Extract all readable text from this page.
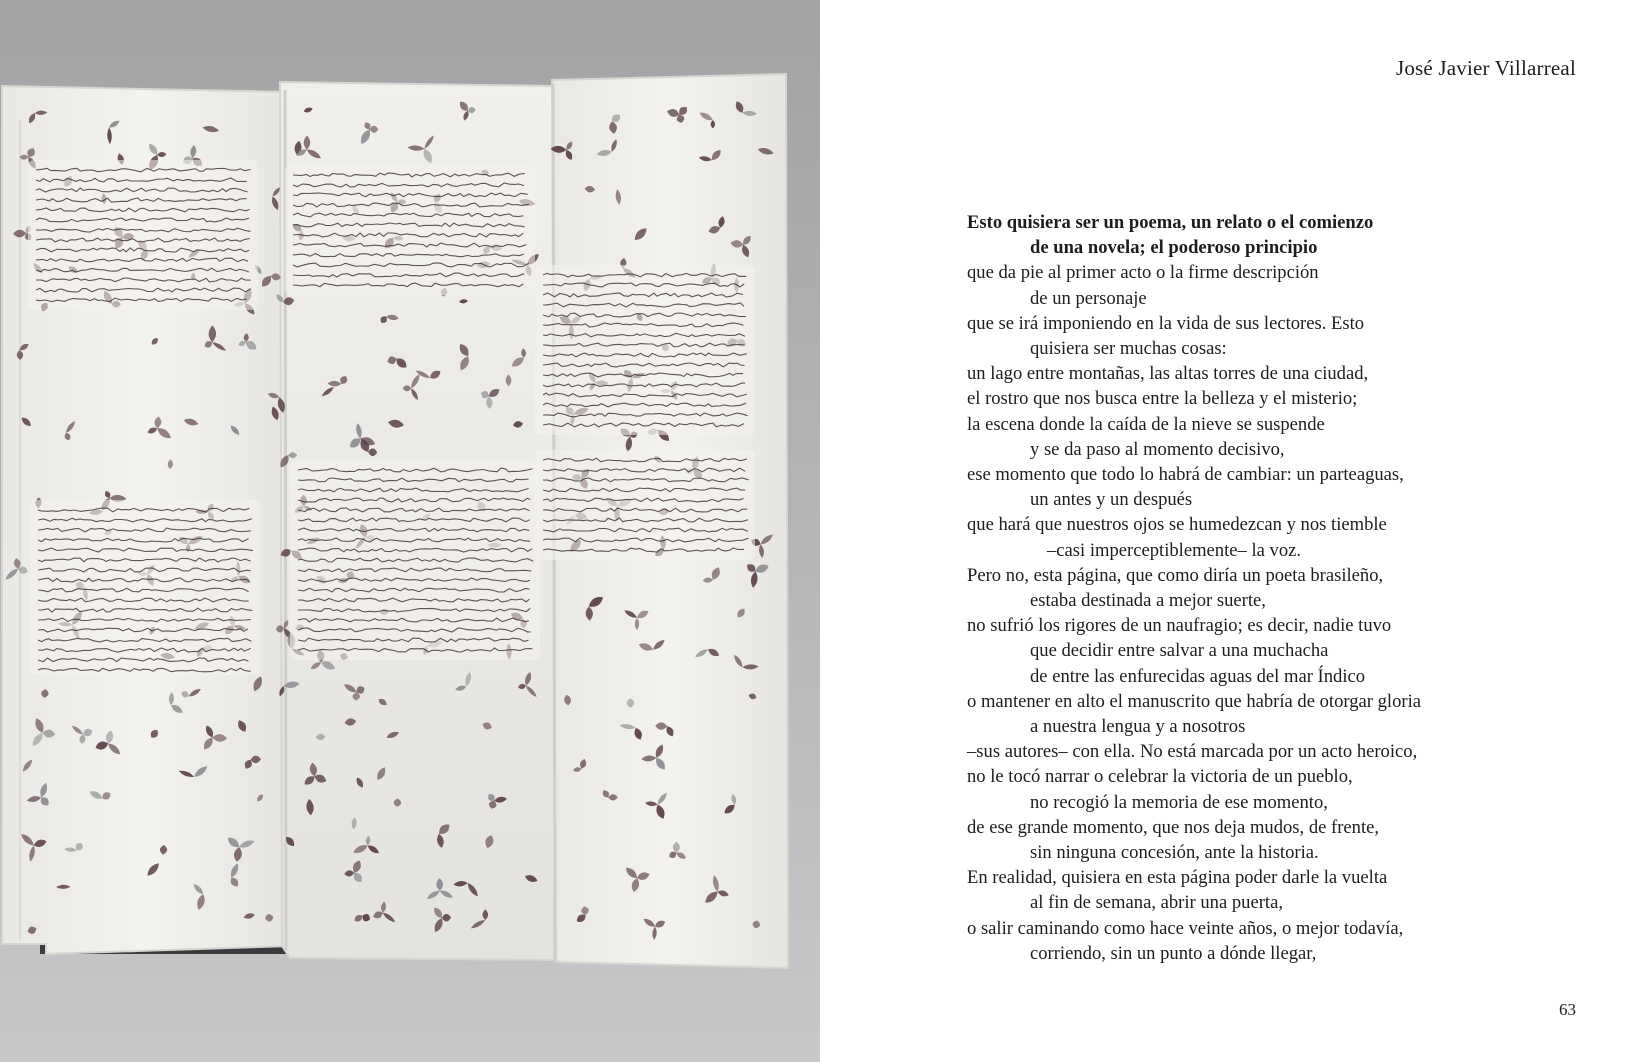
José Javier Villarreal
Esto quisiera ser un poema, un relato o el comienzo
de una novela; el poderoso principio
que da pie al primer acto o la firme descripción
de un personaje
que se irá imponiendo en la vida de sus lectores. Esto
quisiera ser muchas cosas:
un lago entre montañas, las altas torres de una ciudad,
el rostro que nos busca entre la belleza y el misterio;
la escena donde la caída de la nieve se suspende
y se da paso al momento decisivo,
ese momento que todo lo habrá de cambiar: un parteaguas,
un antes y un después
que hará que nuestros ojos se humedezcan y nos tiemble
–casi imperceptiblemente– la voz.
Pero no, esta página, que como diría un poeta brasileño,
estaba destinada a mejor suerte,
no sufrió los rigores de un naufragio; es decir, nadie tuvo
que decidir entre salvar a una muchacha
de entre las enfurecidas aguas del mar Índico
o mantener en alto el manuscrito que habría de otorgar gloria
a nuestra lengua y a nosotros
–sus autores– con ella. No está marcada por un acto heroico,
no le tocó narrar o celebrar la victoria de un pueblo,
no recogió la memoria de ese momento,
de ese grande momento, que nos deja mudos, de frente,
sin ninguna concesión, ante la historia.
En realidad, quisiera en esta página poder darle la vuelta
al fin de semana, abrir una puerta,
o salir caminando como hace veinte años, o mejor todavía,
corriendo, sin un punto a dónde llegar,
63
